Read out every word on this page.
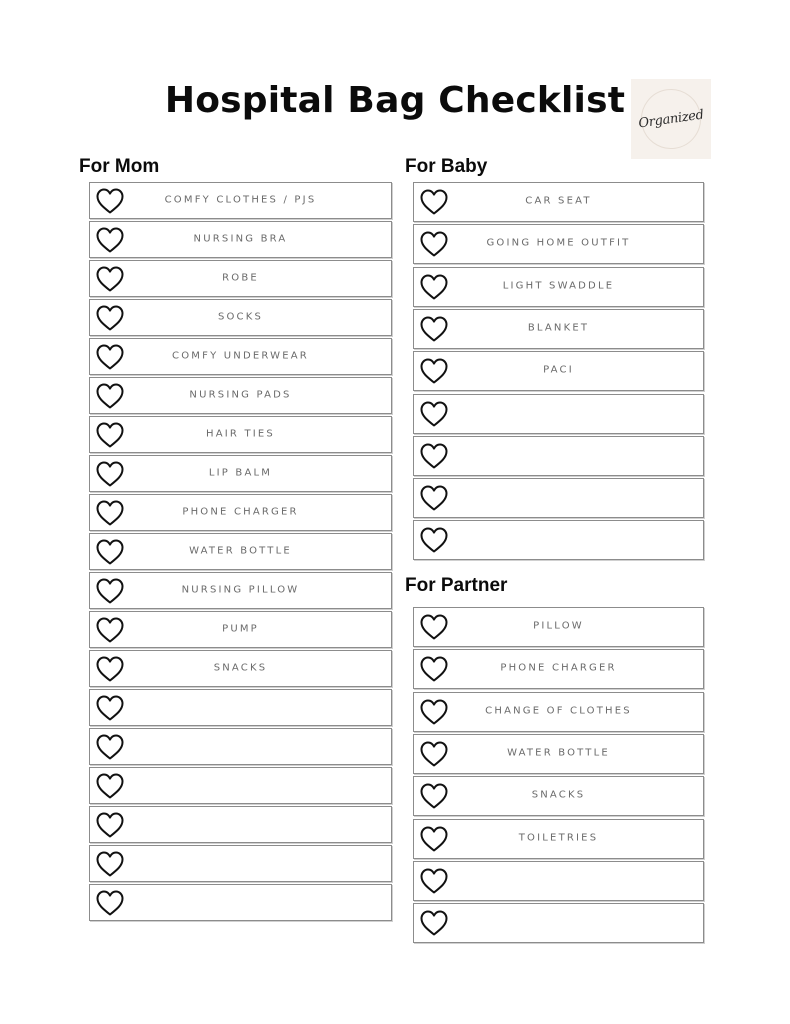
Hospital Bag Checklist Organized
For Mom
COMFY CLOTHES / PJS
NURSING BRA
ROBE
SOCKS
COMFY UNDERWEAR
NURSING PADS
HAIR TIES
LIP BALM
PHONE CHARGER
WATER BOTTLE
NURSING PILLOW
PUMP
SNACKS
For Baby
CAR SEAT
GOING HOME OUTFIT
LIGHT SWADDLE
BLANKET
PACI
For Partner
PILLOW
PHONE CHARGER
CHANGE OF CLOTHES
WATER BOTTLE
SNACKS
TOILETRIES
